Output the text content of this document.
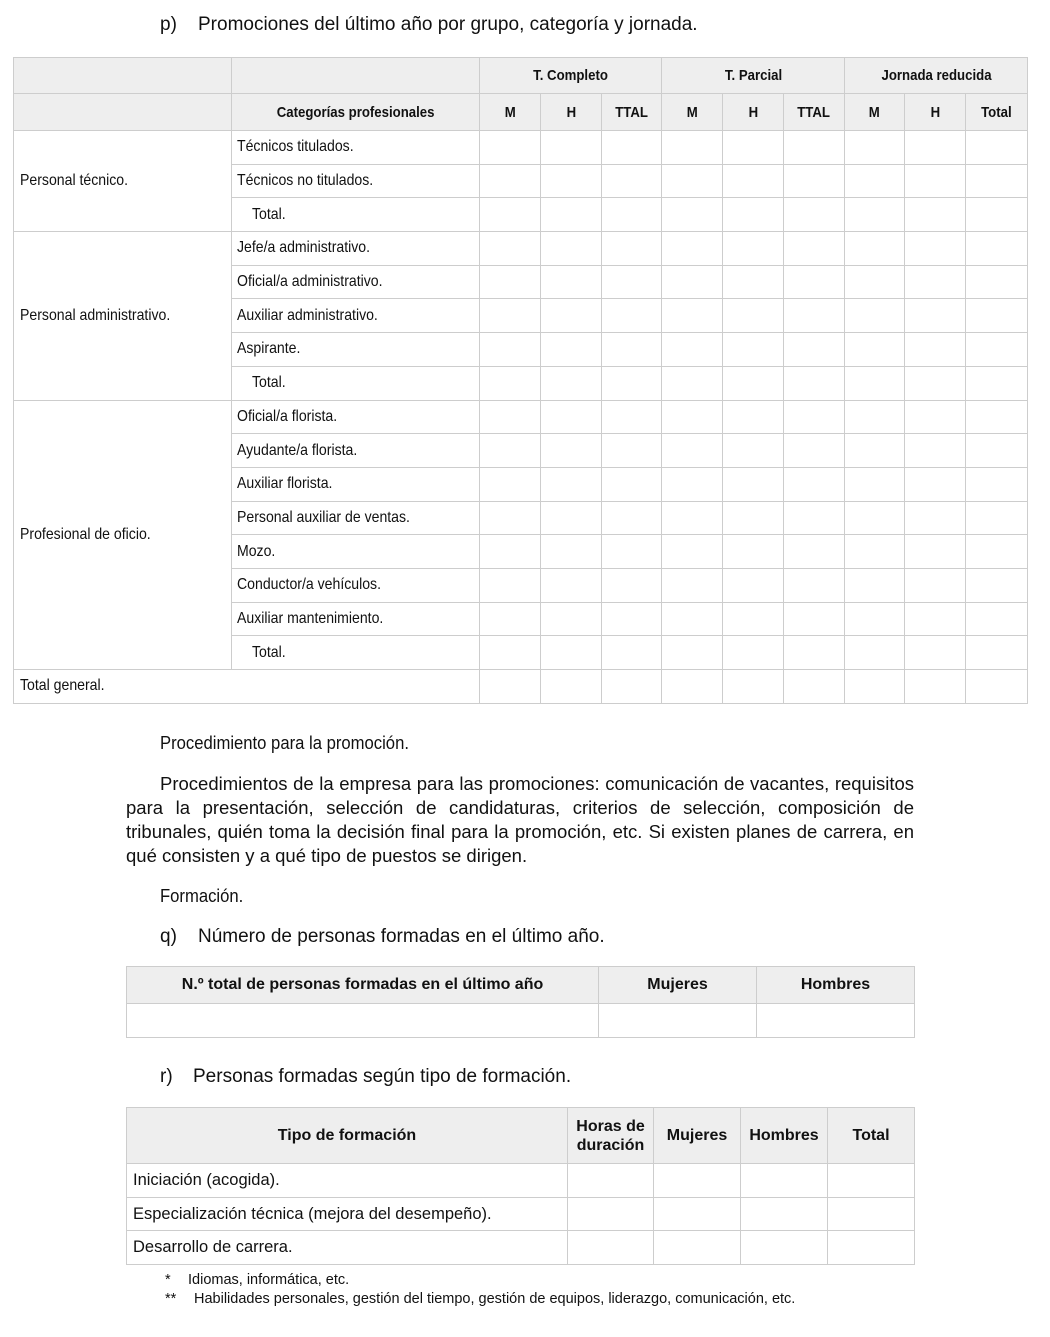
p) Promociones del último año por grupo, categoría y jornada.
		T. Completo			T. Parcial			Jornada reducida		
	Categorías profesionales	M	H	TTAL	M	H	TTAL	M	H	Total
Personal técnico.	Técnicos titulados.									
	Técnicos no titulados.									
	Total.									
Personal administrativo.	Jefe/a administrativo.									
	Oficial/a administrativo.									
	Auxiliar administrativo.									
	Aspirante.									
	Total.									
Profesional de oficio.	Oficial/a florista.									
	Ayudante/a florista.									
	Auxiliar florista.									
	Personal auxiliar de ventas.									
	Mozo.									
	Conductor/a vehículos.									
	Auxiliar mantenimiento.									
	Total.									
Total general.										
Procedimiento para la promoción.
Procedimientos de la empresa para las promociones: comunicación de vacantes, requisitos para la presentación, selección de candidaturas, criterios de selección, composición de tribunales, quién toma la decisión final para la promoción, etc. Si existen planes de carrera, en qué consisten y a qué tipo de puestos se dirigen.
Formación.
q) Número de personas formadas en el último año.
N.º total de personas formadas en el último año	Mujeres	Hombres

r) Personas formadas según tipo de formación.
Tipo de formación	Horas de
duración	Mujeres	Hombres	Total
Iniciación (acogida).				
Especialización técnica (mejora del desempeño).				
Desarrollo de carrera.				
* Idiomas, informática, etc.
** Habilidades personales, gestión del tiempo, gestión de equipos, liderazgo, comunicación, etc.
